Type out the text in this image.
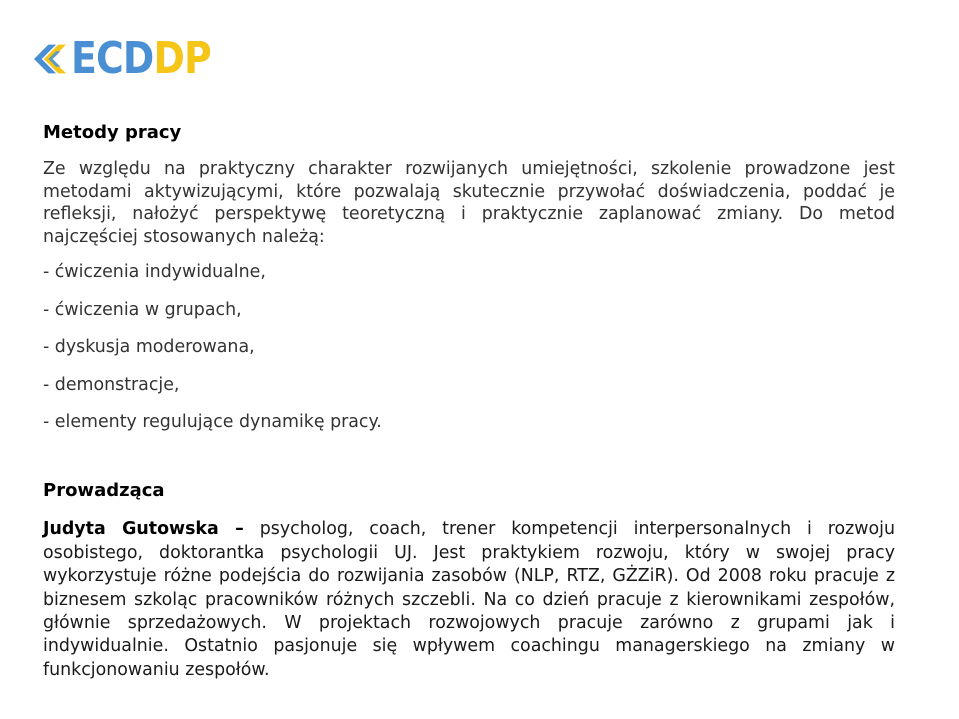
ECDDP
Metody pracy

Ze względu na praktyczny charakter rozwijanych umiejętności, szkolenie prowadzone jest metodami aktywizującymi, które pozwalają skutecznie przywołać doświadczenia, poddać je refleksji, nałożyć perspektywę teoretyczną i praktycznie zaplanować zmiany. Do metod najczęściej stosowanych należą:

- ćwiczenia indywidualne,
- ćwiczenia w grupach,
- dyskusja moderowana,
- demonstracje,
- elementy regulujące dynamikę pracy.
Prowadząca

Judyta Gutowska – psycholog, coach, trener kompetencji interpersonalnych i rozwoju osobistego, doktorantka psychologii UJ. Jest praktykiem rozwoju, który w swojej pracy wykorzystuje różne podejścia do rozwijania zasobów (NLP, RTZ, GŻZiR). Od 2008 roku pracuje z biznesem szkoląc pracowników różnych szczebli. Na co dzień pracuje z kierownikami zespołów, głównie sprzedażowych. W projektach rozwojowych pracuje zarówno z grupami jak i indywidualnie. Ostatnio pasjonuje się wpływem coachingu managerskiego na zmiany w funkcjonowaniu zespołów.
